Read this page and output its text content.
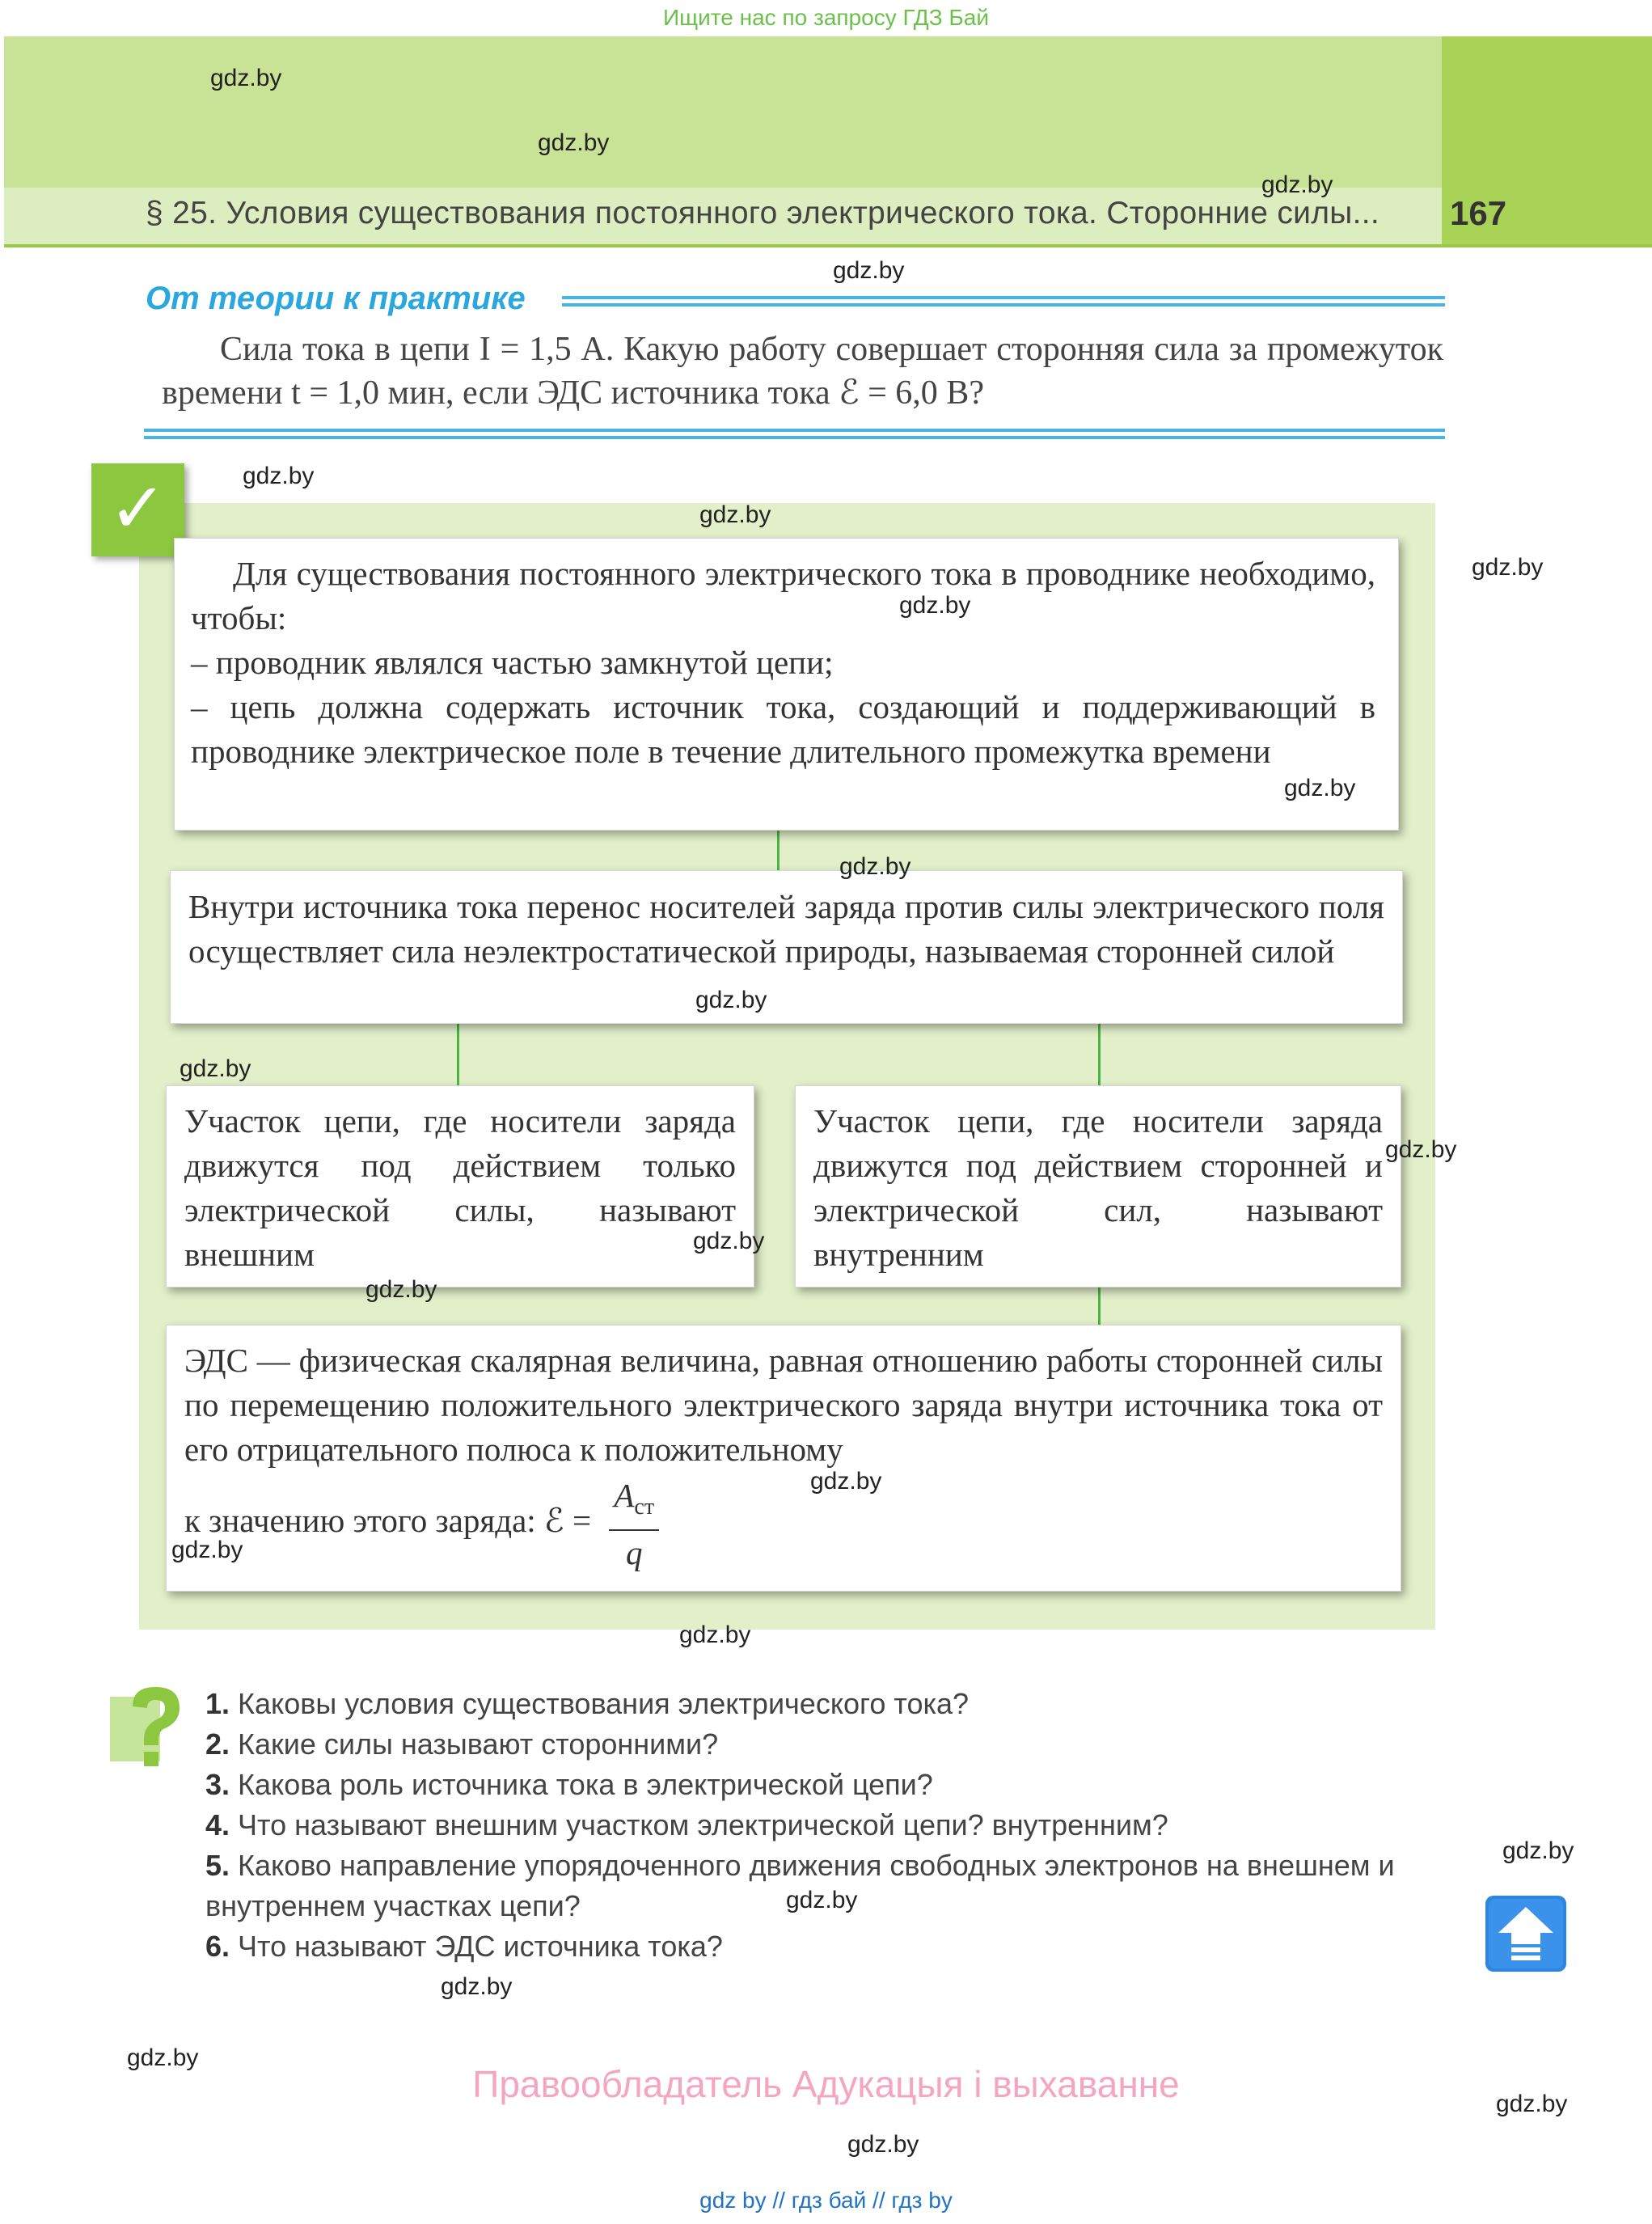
Ищите нас по запросу ГДЗ Бай
§ 25. Условия существования постоянного электрического тока. Сторонние силы... 167
От теории к практике

Сила тока в цепи I = 1,5 А. Какую работу совершает сторонняя сила за промежуток времени t = 1,0 мин, если ЭДС источника тока ℰ = 6,0 В?

✓

Для существования постоянного электрического тока в проводнике необходимо, чтобы:

– проводник являлся частью замкнутой цепи;

– цепь должна содержать источник тока, создающий и поддерживающий в проводнике электрическое поле в течение длительного промежутка времени

Внутри источника тока перенос носителей заряда против силы электрического поля осуществляет сила неэлектростатической природы, называемая сторонней силой

Участок цепи, где носители заряда движутся под действием только электрической силы, называют внешним

Участок цепи, где носители заряда движутся под действием сторонней и электрической сил, называют внутренним

ЭДС — физическая скалярная величина, равная отношению работы сторонней силы по перемещению положительного электрического заряда внутри источника тока от его отрицательного полюса к положительному

к значению этого заряда: ℰ = $\frac{A_{ст}}{q}$

1. Каковы условия существования электрического тока?

2. Какие силы называют сторонними?

3. Какова роль источника тока в электрической цепи?

4. Что называют внешним участком электрической цепи? внутренним?

5. Каково направление упорядоченного движения свободных электронов на внешнем и внутреннем участках цепи?

6. Что называют ЭДС источника тока?

Правообладатель Адукацыя і выхаванне
gdz by // гдз бай // гдз by
gdz.by
gdz.by
gdz.by
gdz.by
gdz.by
gdz.by
gdz.by
gdz.by
gdz.by
gdz.by
gdz.by
gdz.by
gdz.by
gdz.by
gdz.by
gdz.by
gdz.by
gdz.by
gdz.by
gdz.by
gdz.by
gdz.by
gdz.by
gdz.by
